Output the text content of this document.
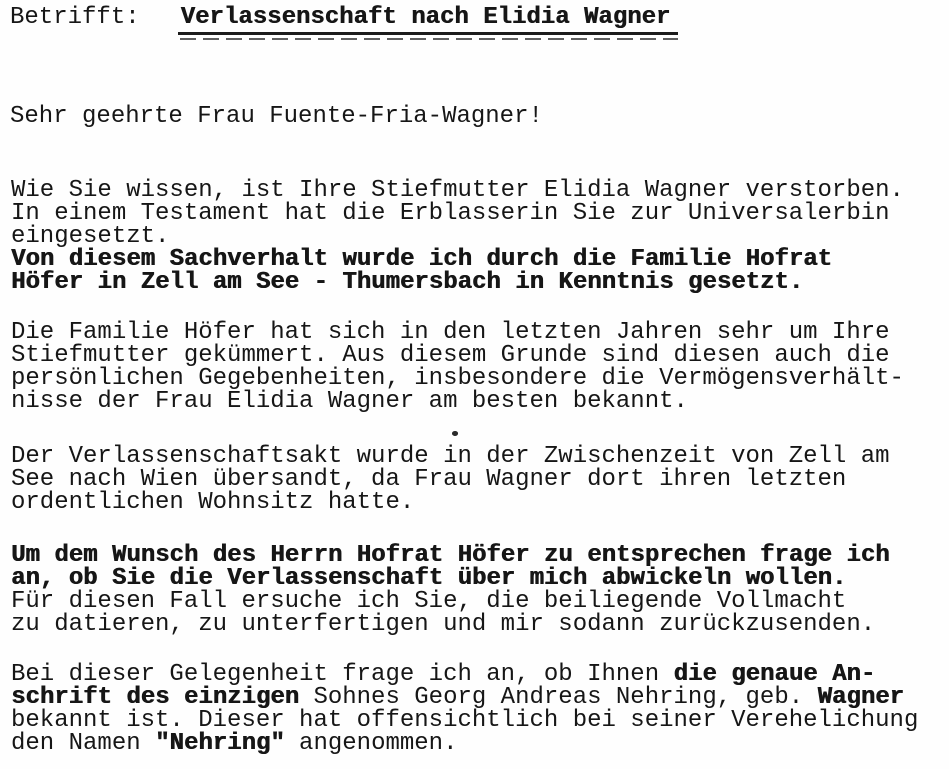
Betrifft: Verlassenschaft nach Elidia Wagner

Sehr geehrte Frau Fuente-Fria-Wagner!

Wie Sie wissen, ist Ihre Stiefmutter Elidia Wagner verstorben.
In einem Testament hat die Erblasserin Sie zur Universalerbin
eingesetzt.
Von diesem Sachverhalt wurde ich durch die Familie Hofrat
Höfer in Zell am See - Thumersbach in Kenntnis gesetzt.

Die Familie Höfer hat sich in den letzten Jahren sehr um Ihre
Stiefmutter gekümmert. Aus diesem Grunde sind diesen auch die
persönlichen Gegebenheiten, insbesondere die Vermögensverhält-
nisse der Frau Elidia Wagner am besten bekannt.

Der Verlassenschaftsakt wurde in der Zwischenzeit von Zell am
See nach Wien übersandt, da Frau Wagner dort ihren letzten
ordentlichen Wohnsitz hatte.

Um dem Wunsch des Herrn Hofrat Höfer zu entsprechen frage ich
an, ob Sie die Verlassenschaft über mich abwickeln wollen.
Für diesen Fall ersuche ich Sie, die beiliegende Vollmacht
zu datieren, zu unterfertigen und mir sodann zurückzusenden.

Bei dieser Gelegenheit frage ich an, ob Ihnen die genaue An-
schrift des einzigen Sohnes Georg Andreas Nehring, geb. Wagner
bekannt ist. Dieser hat offensichtlich bei seiner Verehelichung
den Namen "Nehring" angenommen.
